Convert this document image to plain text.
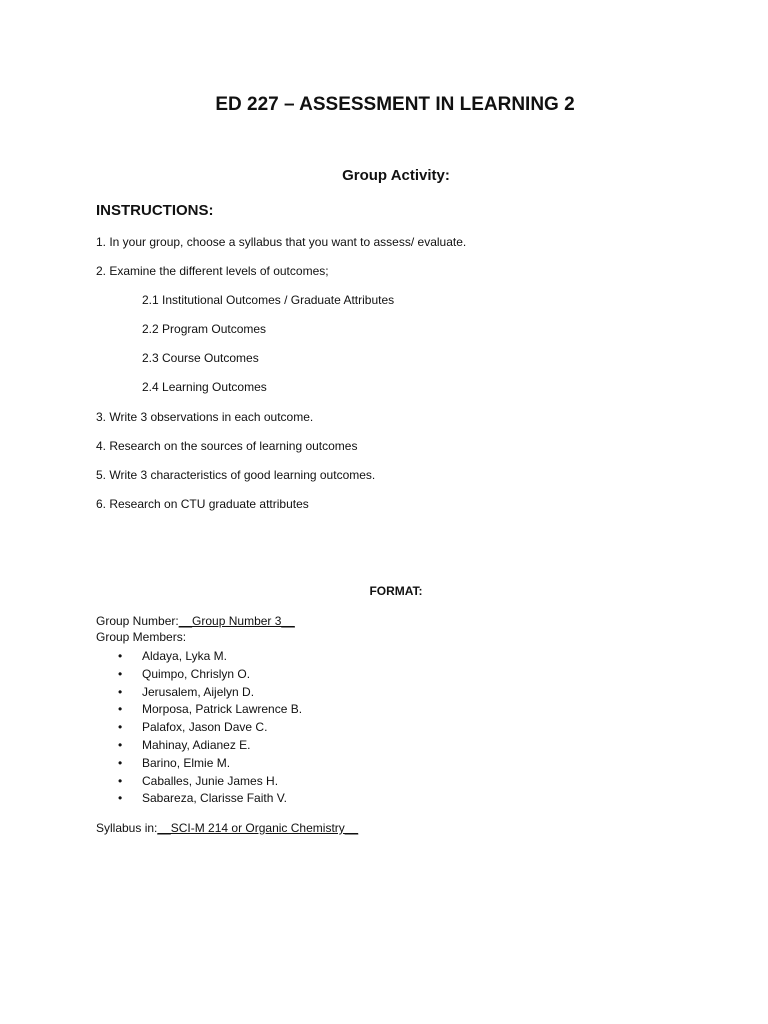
ED 227 – ASSESSMENT IN LEARNING 2
Group Activity:
INSTRUCTIONS:
1. In your group, choose a syllabus that you want to assess/ evaluate.
2. Examine the different levels of outcomes;
2.1 Institutional Outcomes / Graduate Attributes
2.2 Program Outcomes
2.3 Course Outcomes
2.4 Learning Outcomes
3. Write 3 observations in each outcome.
4. Research on the sources of learning outcomes
5. Write 3 characteristics of good learning outcomes.
6. Research on CTU graduate attributes
FORMAT:
Group Number:__Group Number 3__
Group Members:
• Aldaya, Lyka M.
• Quimpo, Chrislyn O.
• Jerusalem, Aijelyn D.
• Morposa, Patrick Lawrence B.
• Palafox, Jason Dave C.
• Mahinay, Adianez E.
• Barino, Elmie M.
• Caballes, Junie James H.
• Sabareza, Clarisse Faith V.
Syllabus in:__SCI-M 214 or Organic Chemistry__
